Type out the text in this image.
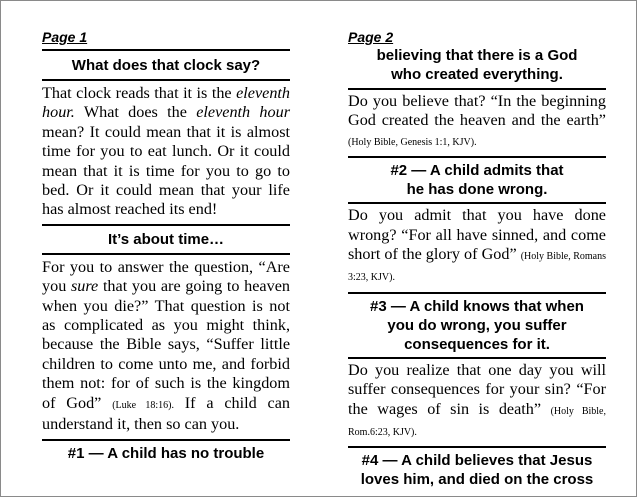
Page 1

What does that clock say?

That clock reads that it is the eleventh hour. What does the eleventh hour mean? It could mean that it is almost time for you to eat lunch. Or it could mean that it is time for you to go to bed. Or it could mean that your life has almost reached its end!

It’s about time…

For you to answer the question, “Are you sure that you are going to heaven when you die?” That question is not as complicated as you might think, because the Bible says, “Suffer little children to come unto me, and forbid them not: for of such is the kingdom of God” (Luke 18:16). If a child can understand it, then so can you.

#1 — A child has no trouble

Page 2

believing that there is a God
who created everything.

Do you believe that? “In the beginning God created the heaven and the earth” (Holy Bible, Genesis 1:1, KJV).

#2 — A child admits that
he has done wrong.

Do you admit that you have done wrong? “For all have sinned, and come short of the glory of God” (Holy Bible, Romans 3:23, KJV).

#3 — A child knows that when
you do wrong, you suffer
consequences for it.

Do you realize that one day you will suffer consequences for your sin? “For the wages of sin is death” (Holy Bible, Rom.6:23, KJV).

#4 — A child believes that Jesus
loves him, and died on the cross
